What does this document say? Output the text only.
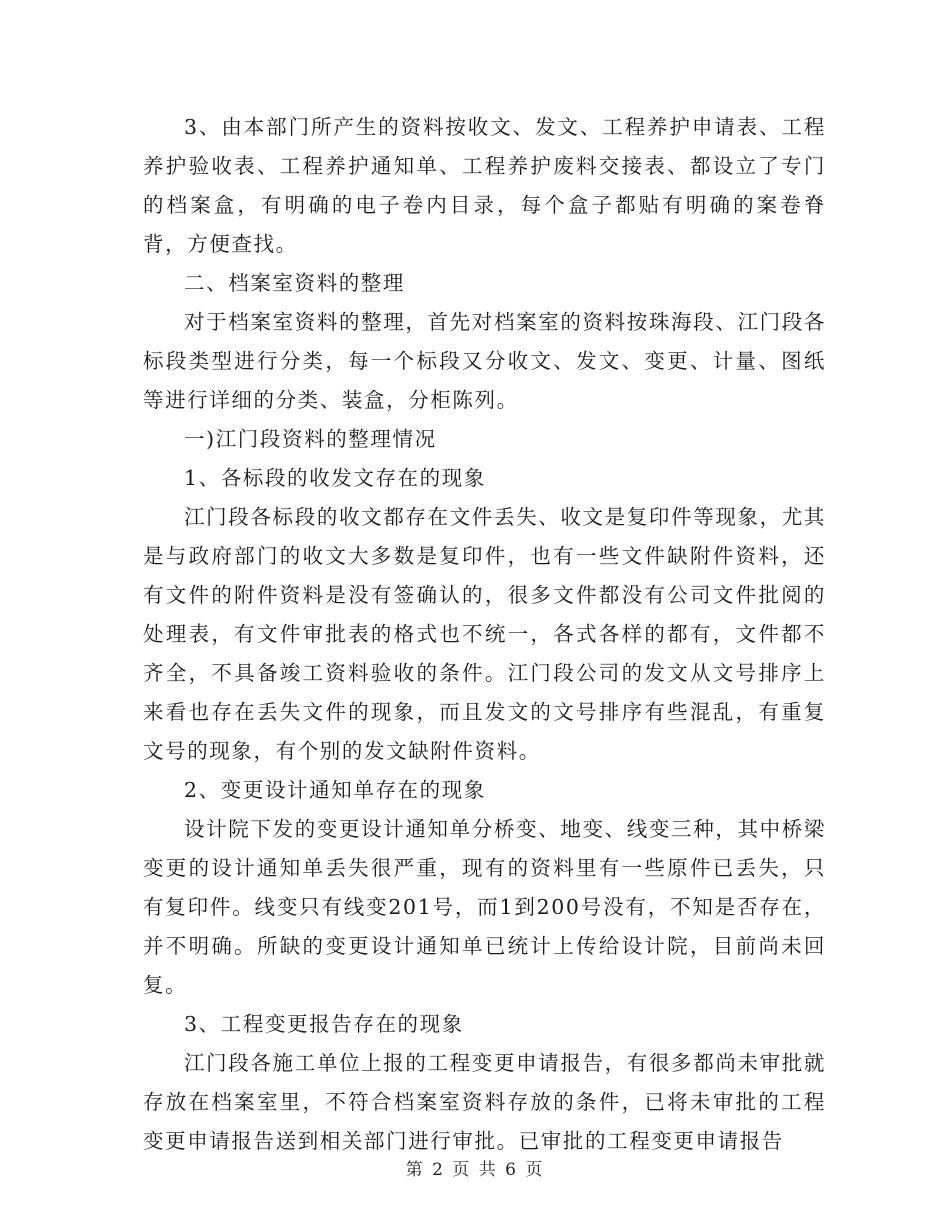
3、由本部门所产生的资料按收文、发文、工程养护申请表、工程养护验收表、工程养护通知单、工程养护废料交接表、都设立了专门的档案盒，有明确的电子卷内目录，每个盒子都贴有明确的案卷脊背，方便查找。

二、档案室资料的整理

对于档案室资料的整理，首先对档案室的资料按珠海段、江门段各标段类型进行分类，每一个标段又分收文、发文、变更、计量、图纸等进行详细的分类、装盒，分柜陈列。

一)江门段资料的整理情况

1、各标段的收发文存在的现象

江门段各标段的收文都存在文件丢失、收文是复印件等现象，尤其是与政府部门的收文大多数是复印件，也有一些文件缺附件资料，还有文件的附件资料是没有签确认的，很多文件都没有公司文件批阅的处理表，有文件审批表的格式也不统一，各式各样的都有，文件都不齐全，不具备竣工资料验收的条件。江门段公司的发文从文号排序上来看也存在丢失文件的现象，而且发文的文号排序有些混乱，有重复文号的现象，有个别的发文缺附件资料。

2、变更设计通知单存在的现象

设计院下发的变更设计通知单分桥变、地变、线变三种，其中桥梁变更的设计通知单丢失很严重，现有的资料里有一些原件已丢失，只有复印件。线变只有线变201号，而1到200号没有，不知是否存在，并不明确。所缺的变更设计通知单已统计上传给设计院，目前尚未回复。

3、工程变更报告存在的现象

江门段各施工单位上报的工程变更申请报告，有很多都尚未审批就存放在档案室里，不符合档案室资料存放的条件，已将未审批的工程变更申请报告送到相关部门进行审批。已审批的工程变更申请报告

第 2 页 共 6 页
